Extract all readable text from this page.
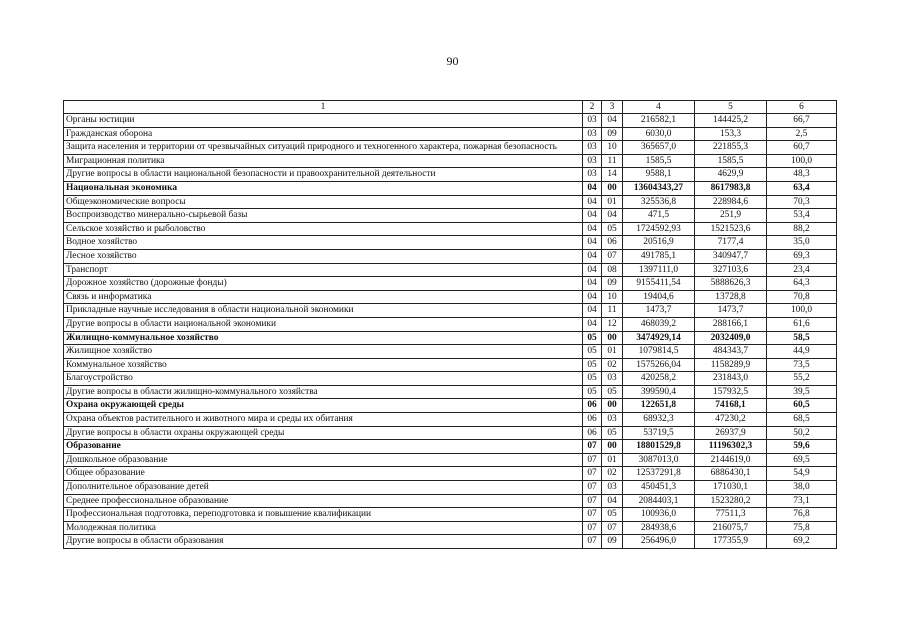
90
1	2	3	4	5	6
Органы юстиции	03	04	216582,1	144425,2	66,7
Гражданская оборона	03	09	6030,0	153,3	2,5
Защита населения и территории от чрезвычайных ситуаций природного и техногенного характера, пожарная безопасность	03	10	365657,0	221855,3	60,7
Миграционная политика	03	11	1585,5	1585,5	100,0
Другие вопросы в области национальной безопасности и правоохранительной деятельности	03	14	9588,1	4629,9	48,3
Национальная экономика	04	00	13604343,27	8617983,8	63,4
Общеэкономические вопросы	04	01	325536,8	228984,6	70,3
Воспроизводство минерально-сырьевой базы	04	04	471,5	251,9	53,4
Сельское хозяйство и рыболовство	04	05	1724592,93	1521523,6	88,2
Водное хозяйство	04	06	20516,9	7177,4	35,0
Лесное хозяйство	04	07	491785,1	340947,7	69,3
Транспорт	04	08	1397111,0	327103,6	23,4
Дорожное хозяйство (дорожные фонды)	04	09	9155411,54	5888626,3	64,3
Связь и информатика	04	10	19404,6	13728,8	70,8
Прикладные научные исследования в области национальной экономики	04	11	1473,7	1473,7	100,0
Другие вопросы в области национальной экономики	04	12	468039,2	288166,1	61,6
Жилищно-коммунальное хозяйство	05	00	3474929,14	2032409,0	58,5
Жилищное хозяйство	05	01	1079814,5	484343,7	44,9
Коммунальное хозяйство	05	02	1575266,04	1158289,9	73,5
Благоустройство	05	03	420258,2	231843,0	55,2
Другие вопросы в области жилищно-коммунального хозяйства	05	05	399590,4	157932,5	39,5
Охрана окружающей среды	06	00	122651,8	74168,1	60,5
Охрана объектов растительного и животного мира и среды их обитания	06	03	68932,3	47230,2	68,5
Другие вопросы в области охраны окружающей среды	06	05	53719,5	26937,9	50,2
Образование	07	00	18801529,8	11196302,3	59,6
Дошкольное образование	07	01	3087013,0	2144619,0	69,5
Общее образование	07	02	12537291,8	6886430,1	54,9
Дополнительное образование детей	07	03	450451,3	171030,1	38,0
Среднее профессиональное образование	07	04	2084403,1	1523280,2	73,1
Профессиональная подготовка, переподготовка и повышение квалификации	07	05	100936,0	77511,3	76,8
Молодежная политика	07	07	284938,6	216075,7	75,8
Другие вопросы в области образования	07	09	256496,0	177355,9	69,2
